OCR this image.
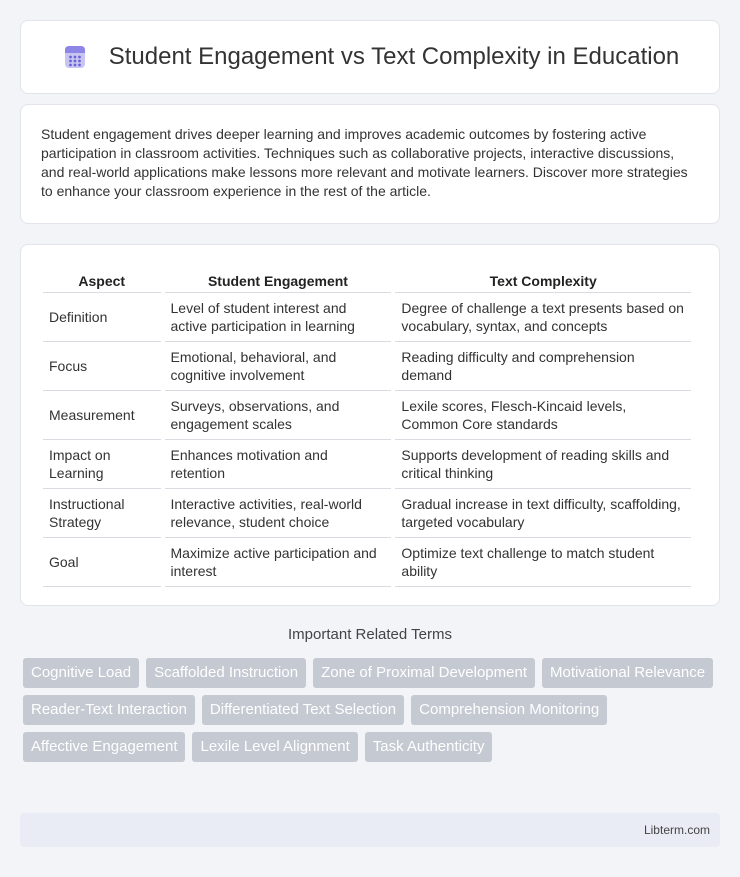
Student Engagement vs Text Complexity in Education

Student engagement drives deeper learning and improves academic outcomes by fostering active participation in classroom activities. Techniques such as collaborative projects, interactive discussions, and real-world applications make lessons more relevant and motivate learners. Discover more strategies to enhance your classroom experience in the rest of the article.

Aspect	Student Engagement	Text Complexity
Definition	Level of student interest and active participation in learning	Degree of challenge a text presents based on vocabulary, syntax, and concepts
Focus	Emotional, behavioral, and cognitive involvement	Reading difficulty and comprehension demand
Measurement	Surveys, observations, and engagement scales	Lexile scores, Flesch-Kincaid levels, Common Core standards
Impact on Learning	Enhances motivation and retention	Supports development of reading skills and critical thinking
Instructional Strategy	Interactive activities, real-world relevance, student choice	Gradual increase in text difficulty, scaffolding, targeted vocabulary
Goal	Maximize active participation and interest	Optimize text challenge to match student ability
Important Related Terms
Cognitive Load	Scaffolded Instruction	Zone of Proximal Development	Motivational Relevance
Reader-Text Interaction	Differentiated Text Selection	Comprehension Monitoring
Affective Engagement	Lexile Level Alignment	Task Authenticity
Libterm.com
